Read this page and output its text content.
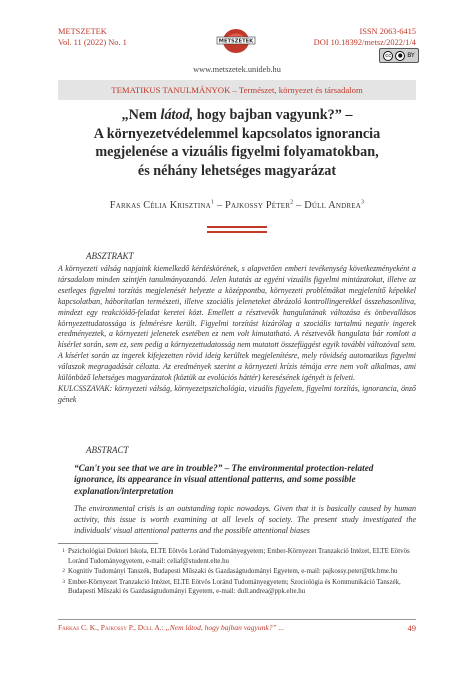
METSZETEK
Vol. 11 (2022) No. 1	METSZETEK
ISSN 2063-6415
DOI 10.18392/metsz/2022/1/4
cc	● BY
www.metszetek.unideb.hu
TEMATIKUS TANULMÁNYOK – Természet, környezet és társadalom
„Nem látod, hogy bajban vagyunk?” –
A környezetvédelemmel kapcsolatos ignorancia
megjelenése a vizuális figyelmi folyamatokban,
és néhány lehetséges magyarázat
Farkas Célia Krisztina$^1$ – Pajkossy Péter$^2$ – Dúll Andrea$^3$
ABSZTRAKT

A környezeti válság napjaink kiemelkedő kérdéskörének, s alapvetően emberi tevékenység következményeként a társadalom minden szintjén tanulmányozandó. Jelen kutatás az egyéni vizuális figyelmi mintázatokat, illetve az esetleges figyelmi torzítás megjelenését helyezte a középpontba, környezeti problémákat megjelenítő képekkel kapcsolatban, háborítatlan természeti, illetve szociális jeleneteket ábrázoló kontrollingerekkel összehasonlítva, mindezt egy reakcióidő-feladat keretei közt. Emellett a résztvevők hangulatának változása és önbevallásos környezettudatossága is felmérésre került. Figyelmi torzítást kizárólag a szociális tartalmú negatív ingerek eredményeztek, a környezeti jelenetek esetében ez nem volt kimutatható. A résztvevők hangulata bár romlott a kísérlet során, sem ez, sem pedig a környezettudatosság nem mutatott összefüggést egyik további változóval sem. A kísérlet során az ingerek kifejezetten rövid ideig kerültek megjelenítésre, mely rövidség automatikus figyelmi válaszok megragadását célozta. Az eredmények szerint a környezeti krízis témája erre nem volt alkalmas, ami különböző lehetséges magyarázatok (köztük az evolúciós háttér) keresésének igényét is felveti.

KULCSSZAVAK: környezeti válság, környezetpszichológia, vizuális figyelem, figyelmi torzítás, ignorancia, önző gének

ABSTRACT
“Can't you see that we are in trouble?” – The environmental protection-related ignorance, its appearance in visual attentional patterns, and some possible explanation/interpretation
The environmental crisis is an outstanding topic nowadays. Given that it is basically caused by human activity, this issue is worth examining at all levels of society. The present study investigated the individuals' visual attentional patterns and the possible attentional biases
1 Pszichológiai Doktori Iskola, ELTE Eötvös Loránd Tudományegyetem; Ember-Környezet Tranzakció Intézet, ELTE Eötvös Loránd Tudományegyetem, e-mail: celiaf@student.elte.hu
2 Kognitív Tudományi Tanszék, Budapesti Műszaki és Gazdaságtudományi Egyetem, e-mail: pajkossy.peter@ttk.bme.hu
3 Ember-Környezet Tranzakció Intézet, ELTE Eötvös Loránd Tudományegyetem; Szociológia és Kommunikáció Tanszék, Budapesti Műszaki és Gazdaságtudományi Egyetem, e-mail: dull.andrea@ppk.elte.hu
Farkas C. K., Pajkossy P., Dúll A.: „Nem látod, hogy bajban vagyunk?” ...	49
